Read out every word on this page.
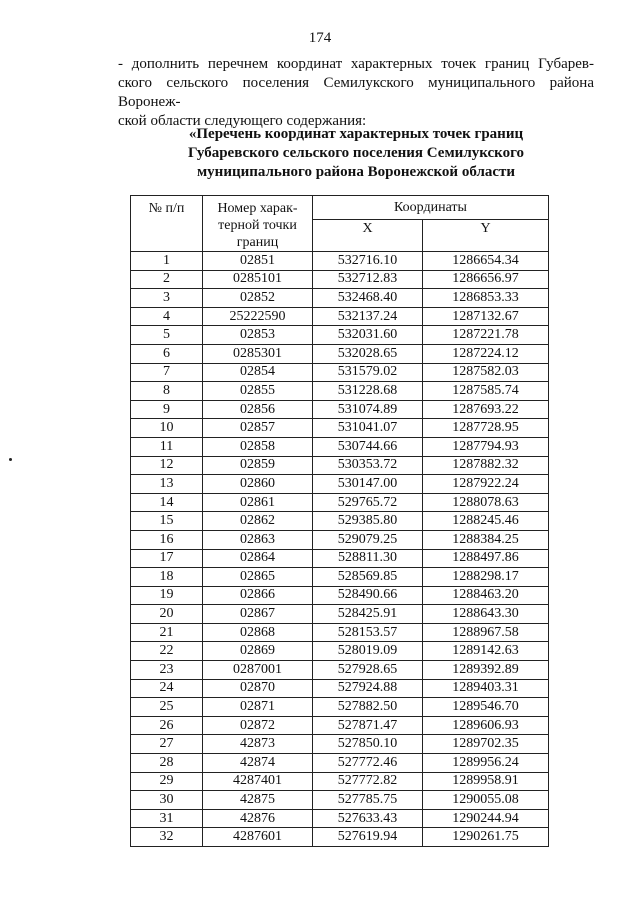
174
- дополнить перечнем координат характерных точек границ Губарев-
ского сельского поселения Семилукского муниципального района Воронеж-
ской области следующего содержания:
«Перечень координат характерных точек границ
Губаревского сельского поселения Семилукского
муниципального района Воронежской области
№ п/п	Номер харак-
терной точки
границ	Координаты	
		X	Y
1	02851	532716.10	1286654.34
2	0285101	532712.83	1286656.97
3	02852	532468.40	1286853.33
4	25222590	532137.24	1287132.67
5	02853	532031.60	1287221.78
6	0285301	532028.65	1287224.12
7	02854	531579.02	1287582.03
8	02855	531228.68	1287585.74
9	02856	531074.89	1287693.22
10	02857	531041.07	1287728.95
11	02858	530744.66	1287794.93
12	02859	530353.72	1287882.32
13	02860	530147.00	1287922.24
14	02861	529765.72	1288078.63
15	02862	529385.80	1288245.46
16	02863	529079.25	1288384.25
17	02864	528811.30	1288497.86
18	02865	528569.85	1288298.17
19	02866	528490.66	1288463.20
20	02867	528425.91	1288643.30
21	02868	528153.57	1288967.58
22	02869	528019.09	1289142.63
23	0287001	527928.65	1289392.89
24	02870	527924.88	1289403.31
25	02871	527882.50	1289546.70
26	02872	527871.47	1289606.93
27	42873	527850.10	1289702.35
28	42874	527772.46	1289956.24
29	4287401	527772.82	1289958.91
30	42875	527785.75	1290055.08
31	42876	527633.43	1290244.94
32	4287601	527619.94	1290261.75
